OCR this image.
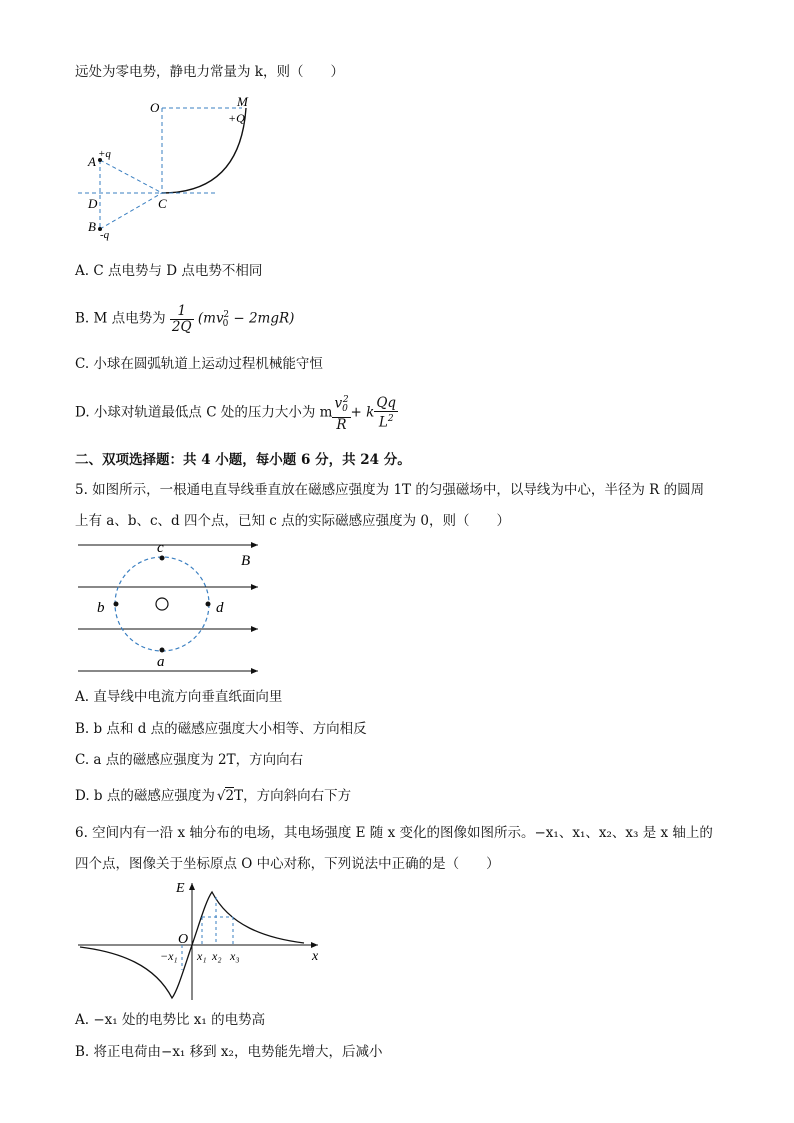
远处为零电势，静电力常量为 k，则（　　）
O	M
+Q
A +q
C
D
B
-q
A. C 点电势与 D 点电势不相同
B. M 点电势为 $\frac{1}{2Q} (mv_0^2 - 2mgR)$
C. 小球在圆弧轨道上运动过程机械能守恒
D. 小球对轨道最低点 C 处的压力大小为 m $\frac{v_0^2}{R} + k \frac{Qq}{L^2}$
二、双项选择题：共 4 小题，每小题 6 分，共 24 分。
5. 如图所示，一根通电直导线垂直放在磁感应强度为 1T 的匀强磁场中，以导线为中心，半径为 R 的圆周
上有 a、b、c、d 四个点，已知 c 点的实际磁感应强度为 0，则（　　）
c
B
b	d
a
A. 直导线中电流方向垂直纸面向里
B. b 点和 d 点的磁感应强度大小相等、方向相反
C. a 点的磁感应强度为 2T，方向向右
D. b 点的磁感应强度为 √2T，方向斜向右下方
6. 空间内有一沿 x 轴分布的电场，其电场强度 E 随 x 变化的图像如图所示。−x₁、x₁、x₂、x₃ 是 x 轴上的
四个点，图像关于坐标原点 O 中心对称，下列说法中正确的是（　　）
E
O
−x₁ x₁ x₂ x₃	x
A. −x₁ 处的电势比 x₁ 的电势高
B. 将正电荷由−x₁ 移到 x₂，电势能先增大，后减小
